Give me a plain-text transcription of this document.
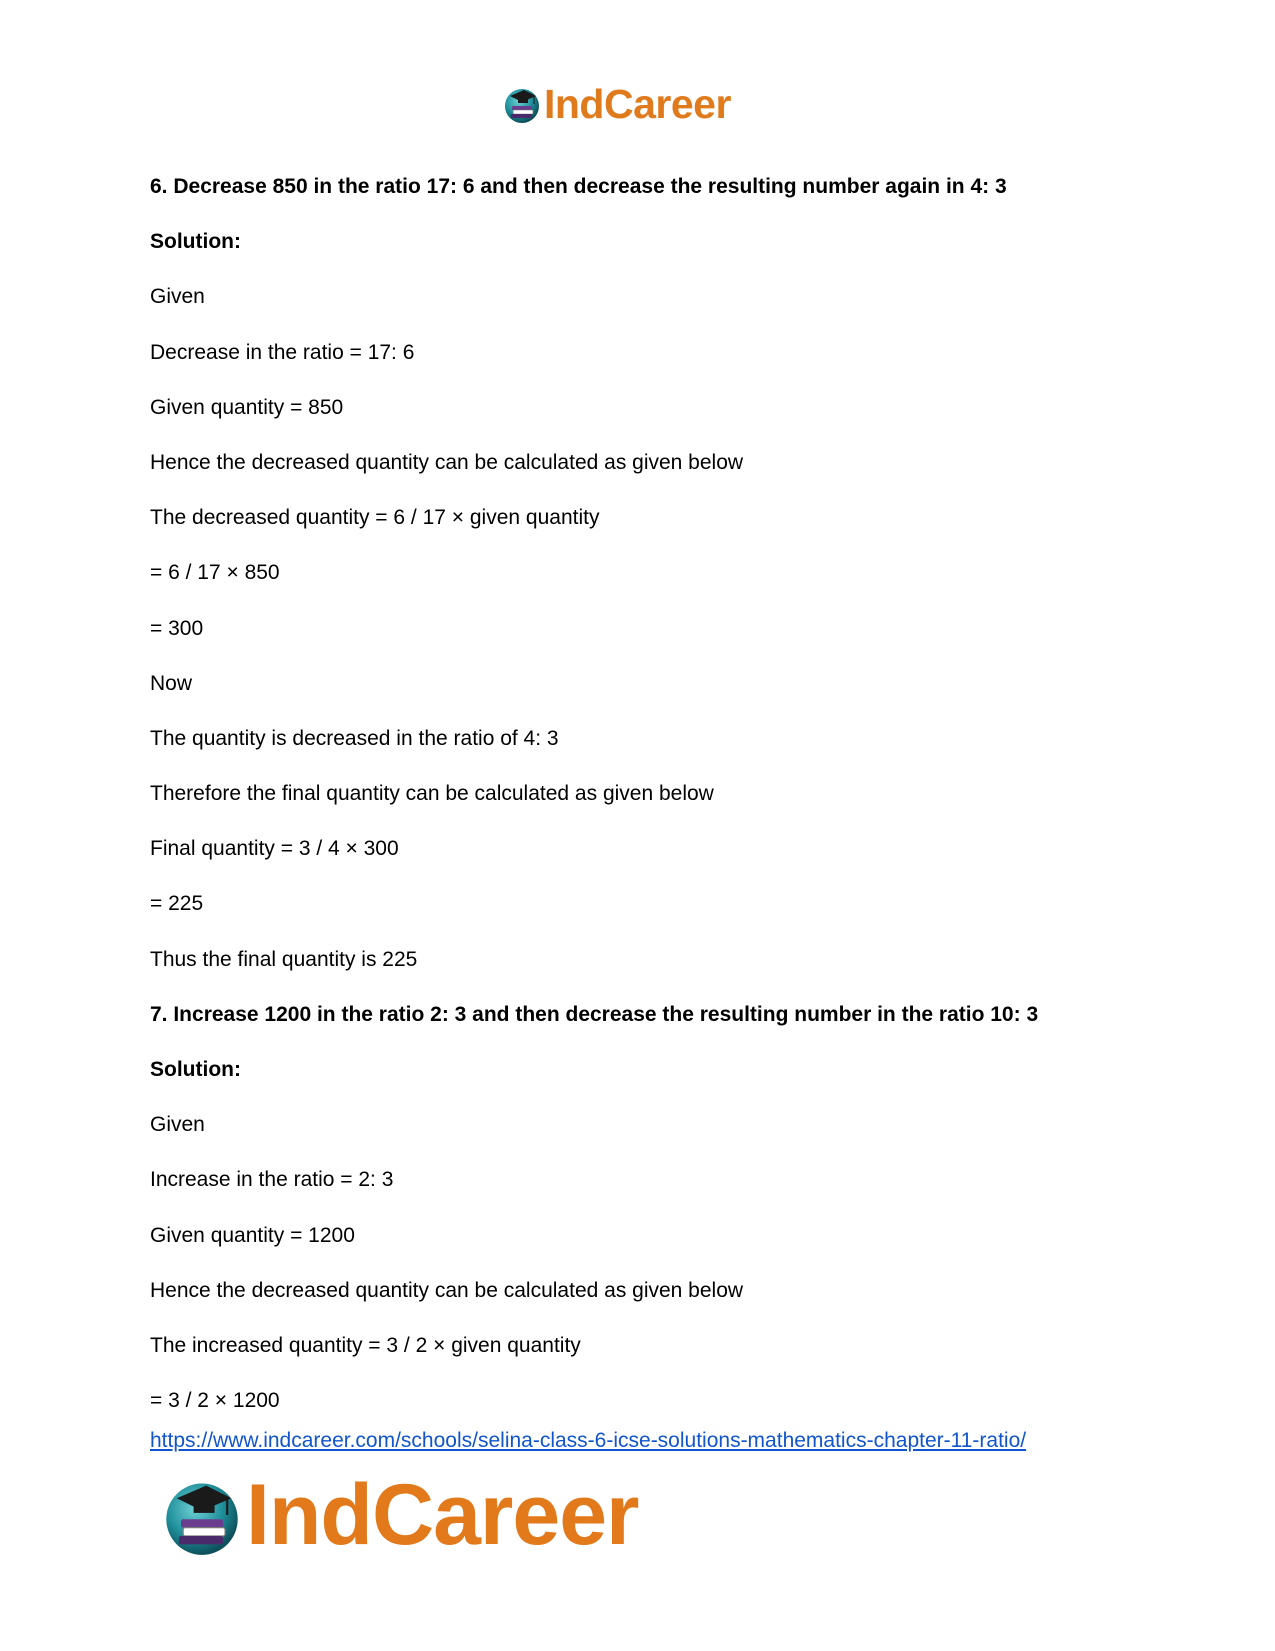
IndCareer
6. Decrease 850 in the ratio 17: 6 and then decrease the resulting number again in 4: 3
Solution:
Given
Decrease in the ratio = 17: 6
Given quantity = 850
Hence the decreased quantity can be calculated as given below
The decreased quantity = 6 / 17 × given quantity
= 6 / 17 × 850
= 300
Now
The quantity is decreased in the ratio of 4: 3
Therefore the final quantity can be calculated as given below
Final quantity = 3 / 4 × 300
= 225
Thus the final quantity is 225
7. Increase 1200 in the ratio 2: 3 and then decrease the resulting number in the ratio 10: 3
Solution:
Given
Increase in the ratio = 2: 3
Given quantity = 1200
Hence the decreased quantity can be calculated as given below
The increased quantity = 3 / 2 × given quantity
= 3 / 2 × 1200
https://www.indcareer.com/schools/selina-class-6-icse-solutions-mathematics-chapter-11-ratio/
IndCareer
